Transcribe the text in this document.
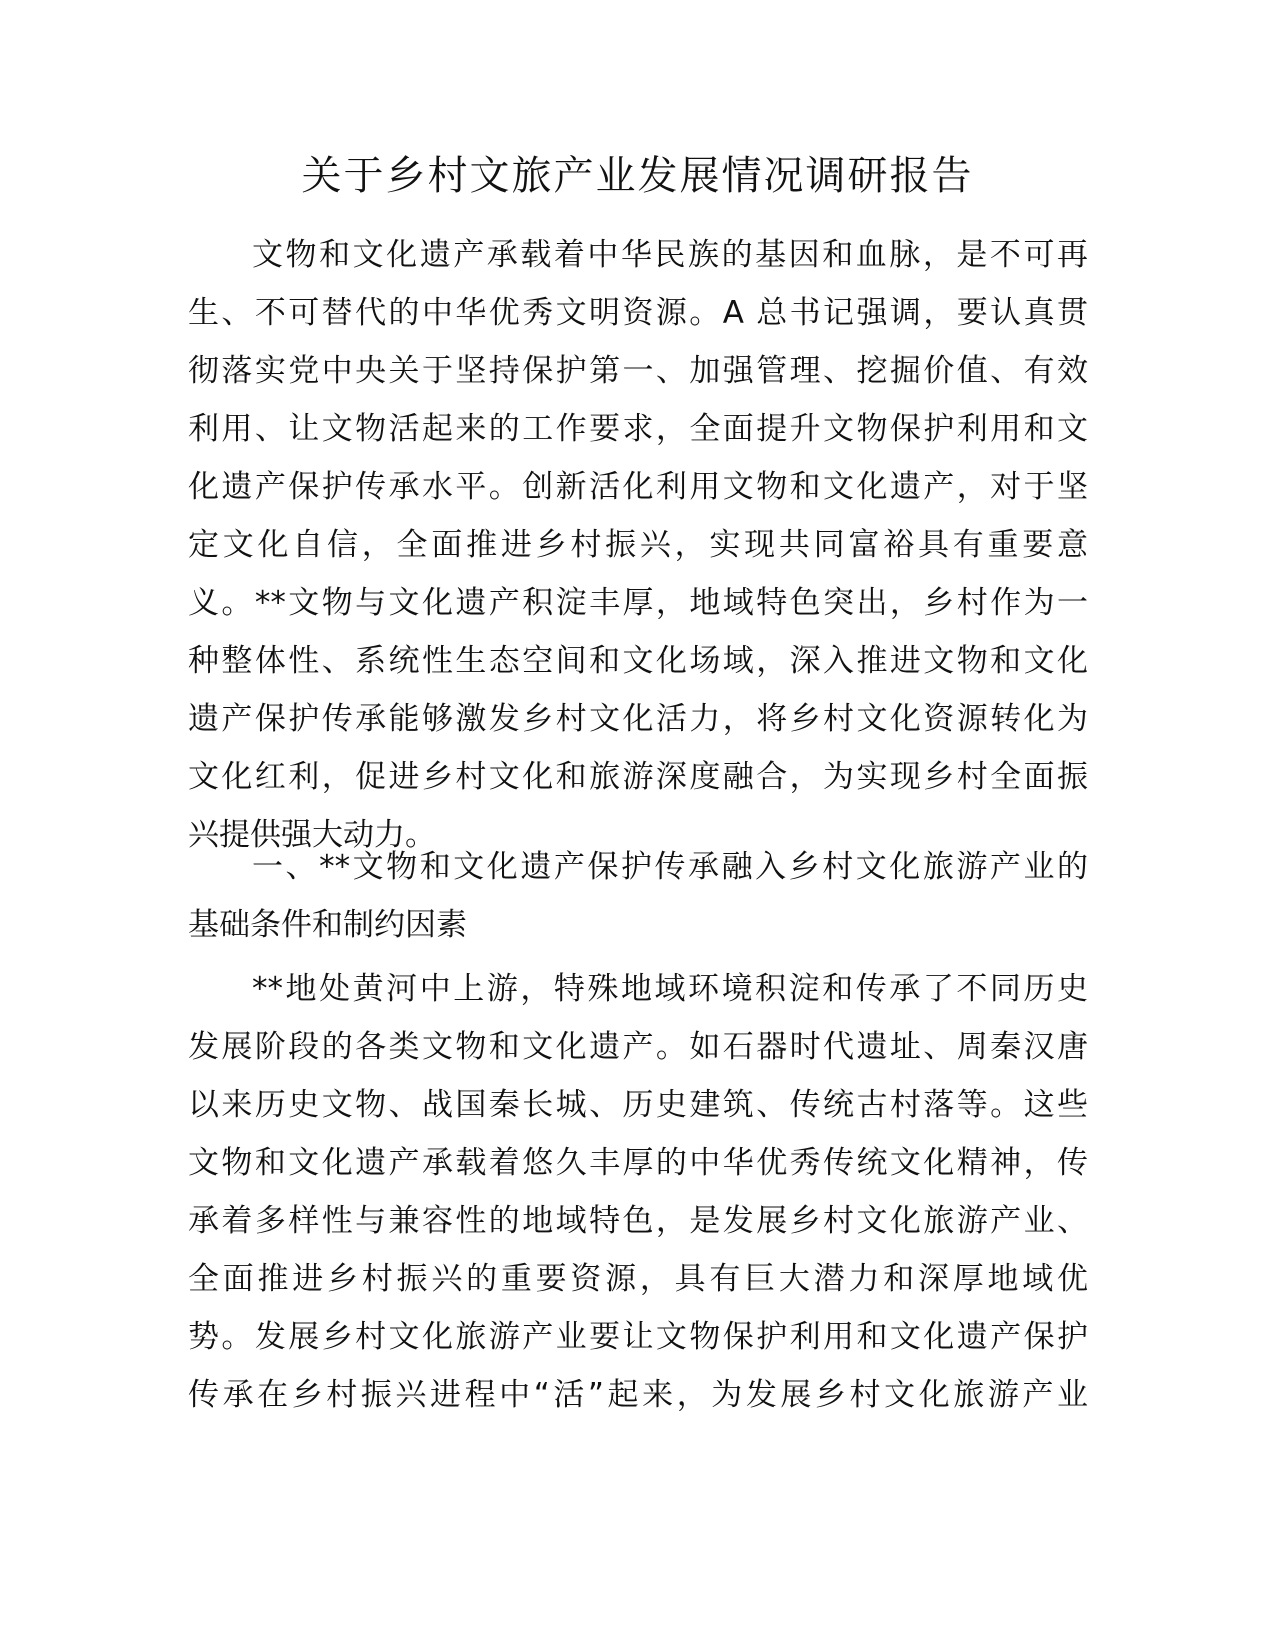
关于乡村文旅产业发展情况调研报告
文物和文化遗产承载着中华民族的基因和血脉，是不可再
生、不可替代的中华优秀文明资源。A 总书记强调，要认真贯
彻落实党中央关于坚持保护第一、加强管理、挖掘价值、有效
利用、让文物活起来的工作要求，全面提升文物保护利用和文
化遗产保护传承水平。创新活化利用文物和文化遗产，对于坚
定文化自信，全面推进乡村振兴，实现共同富裕具有重要意
义。**文物与文化遗产积淀丰厚，地域特色突出，乡村作为一
种整体性、系统性生态空间和文化场域，深入推进文物和文化
遗产保护传承能够激发乡村文化活力，将乡村文化资源转化为
文化红利，促进乡村文化和旅游深度融合，为实现乡村全面振
兴提供强大动力。
一、**文物和文化遗产保护传承融入乡村文化旅游产业的
基础条件和制约因素
**地处黄河中上游，特殊地域环境积淀和传承了不同历史
发展阶段的各类文物和文化遗产。如石器时代遗址、周秦汉唐
以来历史文物、战国秦长城、历史建筑、传统古村落等。这些
文物和文化遗产承载着悠久丰厚的中华优秀传统文化精神，传
承着多样性与兼容性的地域特色，是发展乡村文化旅游产业、
全面推进乡村振兴的重要资源，具有巨大潜力和深厚地域优
势。发展乡村文化旅游产业要让文物保护利用和文化遗产保护
传承在乡村振兴进程中“活”起来，为发展乡村文化旅游产业
